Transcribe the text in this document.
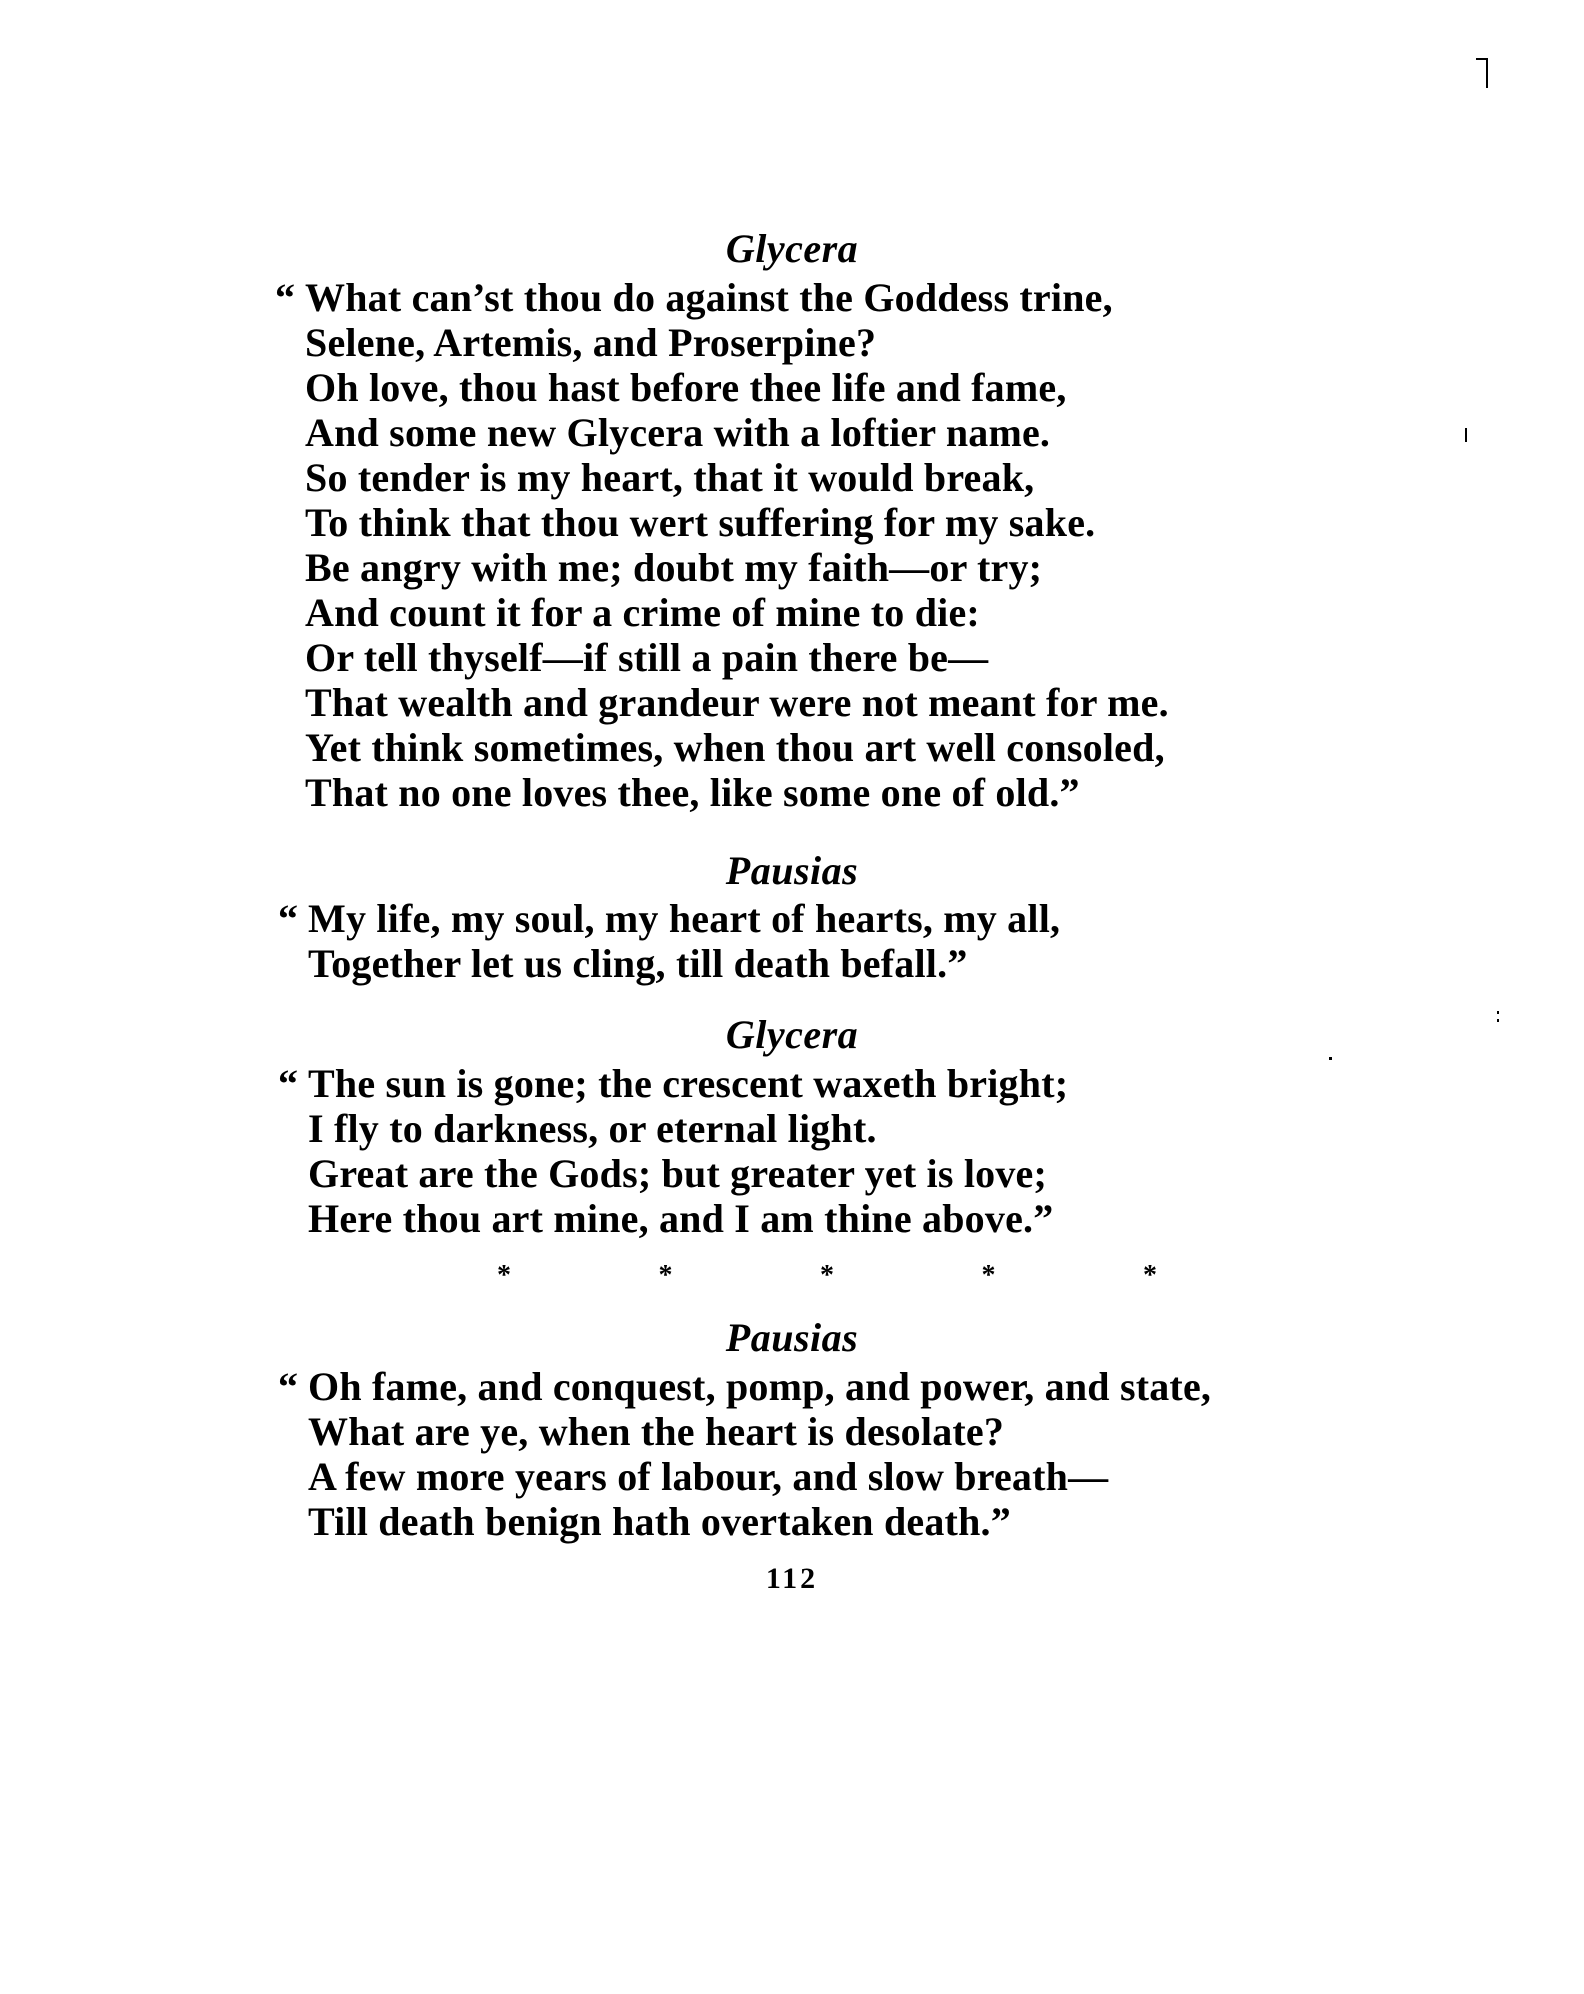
Glycera
“ What can’st thou do against the Goddess trine,
Selene, Artemis, and Proserpine?
Oh love, thou hast before thee life and fame,
And some new Glycera with a loftier name.
So tender is my heart, that it would break,
To think that thou wert suffering for my sake.
Be angry with me; doubt my faith—or try;
And count it for a crime of mine to die:
Or tell thyself—if still a pain there be—
That wealth and grandeur were not meant for me.
Yet think sometimes, when thou art well consoled,
That no one loves thee, like some one of old.”
Pausias
“ My life, my soul, my heart of hearts, my all,
Together let us cling, till death befall.”
Glycera
“ The sun is gone; the crescent waxeth bright;
I fly to darkness, or eternal light.
Great are the Gods; but greater yet is love;
Here thou art mine, and I am thine above.”
*	*	*	*	*
Pausias
“ Oh fame, and conquest, pomp, and power, and state,
What are ye, when the heart is desolate?
A few more years of labour, and slow breath—
Till death benign hath overtaken death.”
112
